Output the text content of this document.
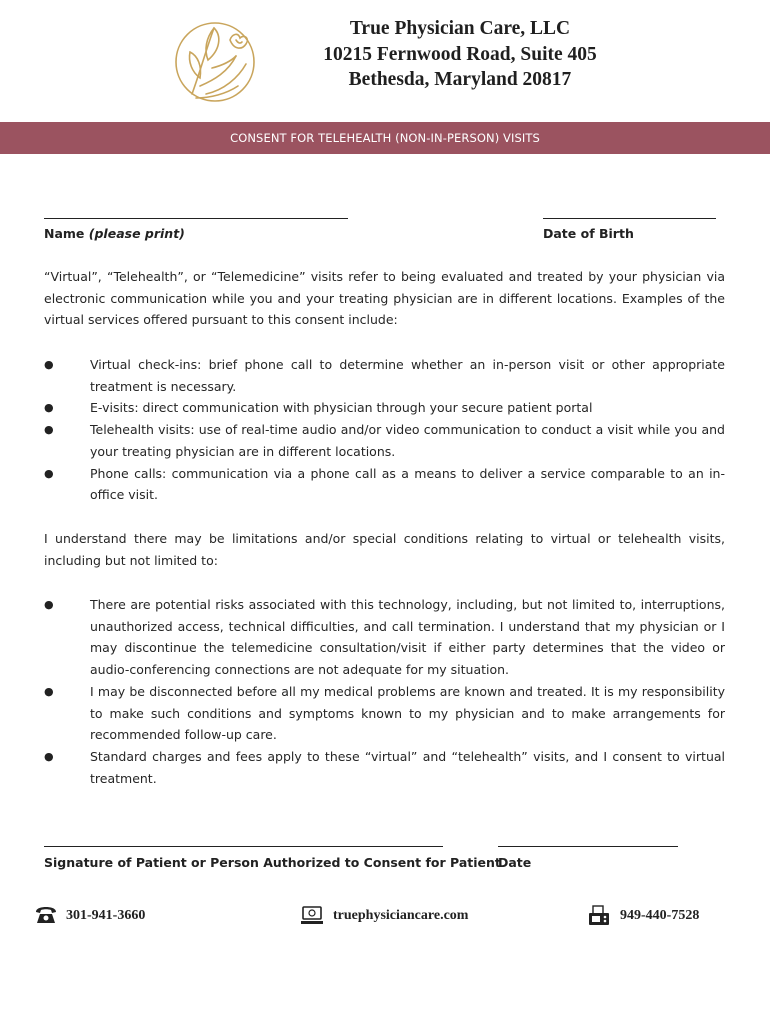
True Physician Care, LLC
10215 Fernwood Road, Suite 405
Bethesda, Maryland 20817
CONSENT FOR TELEHEALTH (NON-IN-PERSON) VISITS
Name (please print)	Date of Birth
“Virtual”, “Telehealth”, or “Telemedicine” visits refer to being evaluated and treated by your physician via electronic communication while you and your treating physician are in different locations. Examples of the virtual services offered pursuant to this consent include:
●	Virtual check-ins: brief phone call to determine whether an in-person visit or other appropriate treatment is necessary.
●	E-visits: direct communication with physician through your secure patient portal
●	Telehealth visits: use of real-time audio and/or video communication to conduct a visit while you and your treating physician are in different locations.
●	Phone calls: communication via a phone call as a means to deliver a service comparable to an in-office visit.
I understand there may be limitations and/or special conditions relating to virtual or telehealth visits, including but not limited to:
●	There are potential risks associated with this technology, including, but not limited to, interruptions, unauthorized access, technical difficulties, and call termination. I understand that my physician or I may discontinue the telemedicine consultation/visit if either party determines that the video or audio-conferencing connections are not adequate for my situation.
●	I may be disconnected before all my medical problems are known and treated. It is my responsibility to make such conditions and symptoms known to my physician and to make arrangements for recommended follow-up care.
●	Standard charges and fees apply to these “virtual” and “telehealth” visits, and I consent to virtual treatment.
Signature of Patient or Person Authorized to Consent for Patient
Date
301-941-3660	truephysiciancare.com	949-440-7528
